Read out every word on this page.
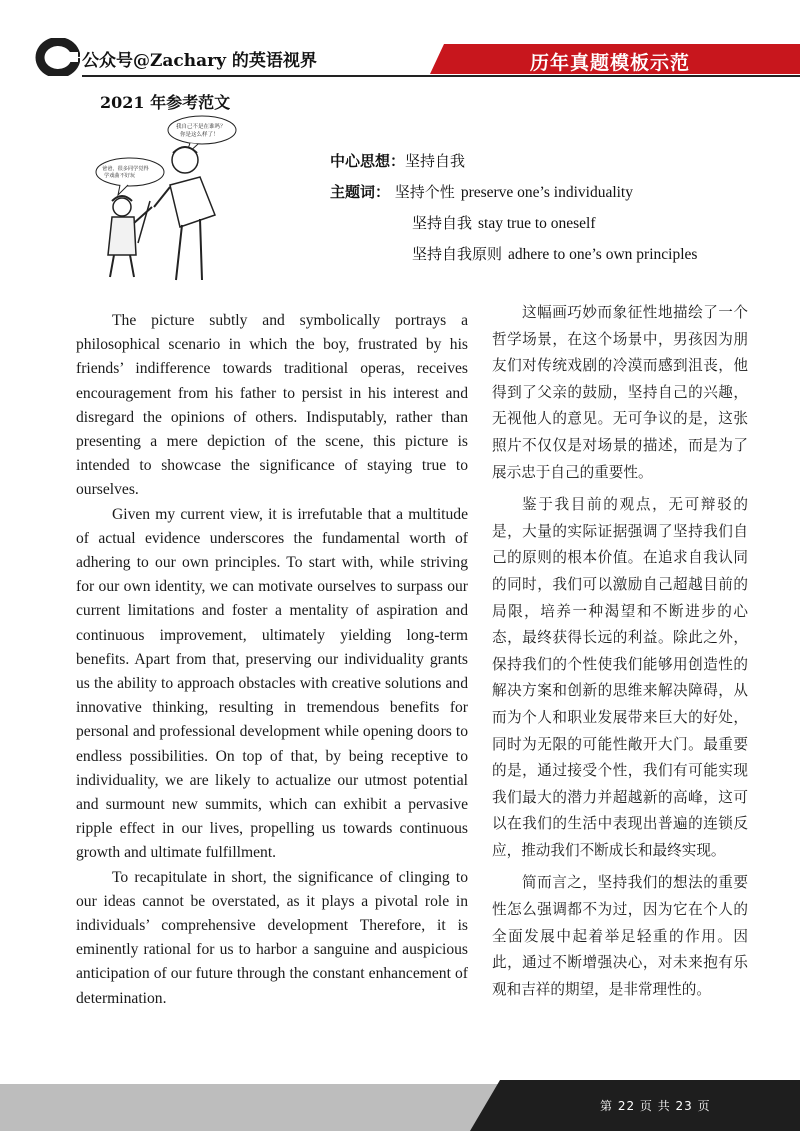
公众号@Zachary 的英语视界	历年真题模板示范
2021 年参考范文
我自己不是在谁吗？
你是这么样了！
爸爸，很多同学觉得
学戏曲不好玩
中心思想：坚持自我
主题词： 坚持个性 preserve one’s individuality
坚持自我 stay true to oneself
坚持自我原则 adhere to one’s own principles

The picture subtly and symbolically portrays a philosophical scenario in which the boy, frustrated by his friends’ indifference towards traditional operas, receives encouragement from his father to persist in his interest and disregard the opinions of others. Indisputably, rather than presenting a mere depiction of the scene, this picture is intended to showcase the significance of staying true to ourselves.

Given my current view, it is irrefutable that a multitude of actual evidence underscores the fundamental worth of adhering to our own principles. To start with, while striving for our own identity, we can motivate ourselves to surpass our current limitations and foster a mentality of aspiration and continuous improvement, ultimately yielding long-term benefits. Apart from that, preserving our individuality grants us the ability to approach obstacles with creative solutions and innovative thinking, resulting in tremendous benefits for personal and professional development while opening doors to endless possibilities. On top of that, by being receptive to individuality, we are likely to actualize our utmost potential and surmount new summits, which can exhibit a pervasive ripple effect in our lives, propelling us towards continuous growth and ultimate fulfillment.

To recapitulate in short, the significance of clinging to our ideas cannot be overstated, as it plays a pivotal role in individuals’ comprehensive development Therefore, it is eminently rational for us to harbor a sanguine and auspicious anticipation of our future through the constant enhancement of determination.

这幅画巧妙而象征性地描绘了一个哲学场景，在这个场景中，男孩因为朋友们对传统戏剧的冷漠而感到沮丧，他得到了父亲的鼓励，坚持自己的兴趣，无视他人的意见。无可争议的是，这张照片不仅仅是对场景的描述，而是为了展示忠于自己的重要性。

鉴于我目前的观点，无可辩驳的是，大量的实际证据强调了坚持我们自己的原则的根本价值。在追求自我认同的同时，我们可以激励自己超越目前的局限，培养一种渴望和不断进步的心态，最终获得长远的利益。除此之外，保持我们的个性使我们能够用创造性的解决方案和创新的思维来解决障碍，从而为个人和职业发展带来巨大的好处，同时为无限的可能性敞开大门。最重要的是，通过接受个性，我们有可能实现我们最大的潜力并超越新的高峰，这可以在我们的生活中表现出普遍的连锁反应，推动我们不断成长和最终实现。

简而言之，坚持我们的想法的重要性怎么强调都不为过，因为它在个人的全面发展中起着举足轻重的作用。因此，通过不断增强决心，对未来抱有乐观和吉祥的期望，是非常理性的。

第 22 页 共 23 页
